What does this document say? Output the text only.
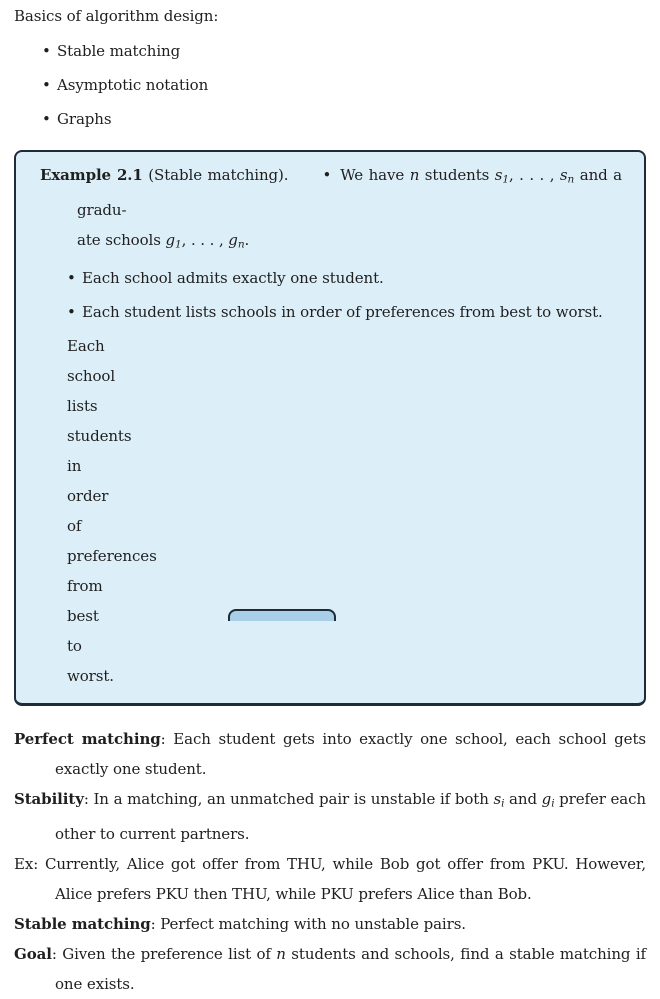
Basics of algorithm design:

• Stable matching
• Asymptotic notation
• Graphs

Example 2.1 (Stable matching). • We have n students s1, . . . , sn and a gradu-
ate schools g1, . . . , gn.

• Each school admits exactly one student.
• Each student lists schools in order of preferences from best to worst.
Each school lists students in order of preferences from best to worst.

Perfect matching: Each student gets into exactly one school, each school gets exactly one student.

Stability: In a matching, an unmatched pair is unstable if both si and gi prefer each other to current partners.

Ex: Currently, Alice got offer from THU, while Bob got offer from PKU. However, Alice prefers PKU then THU, while PKU prefers Alice than Bob.

Stable matching: Perfect matching with no unstable pairs.

Goal: Given the preference list of n students and schools, find a stable matching if one exists.
